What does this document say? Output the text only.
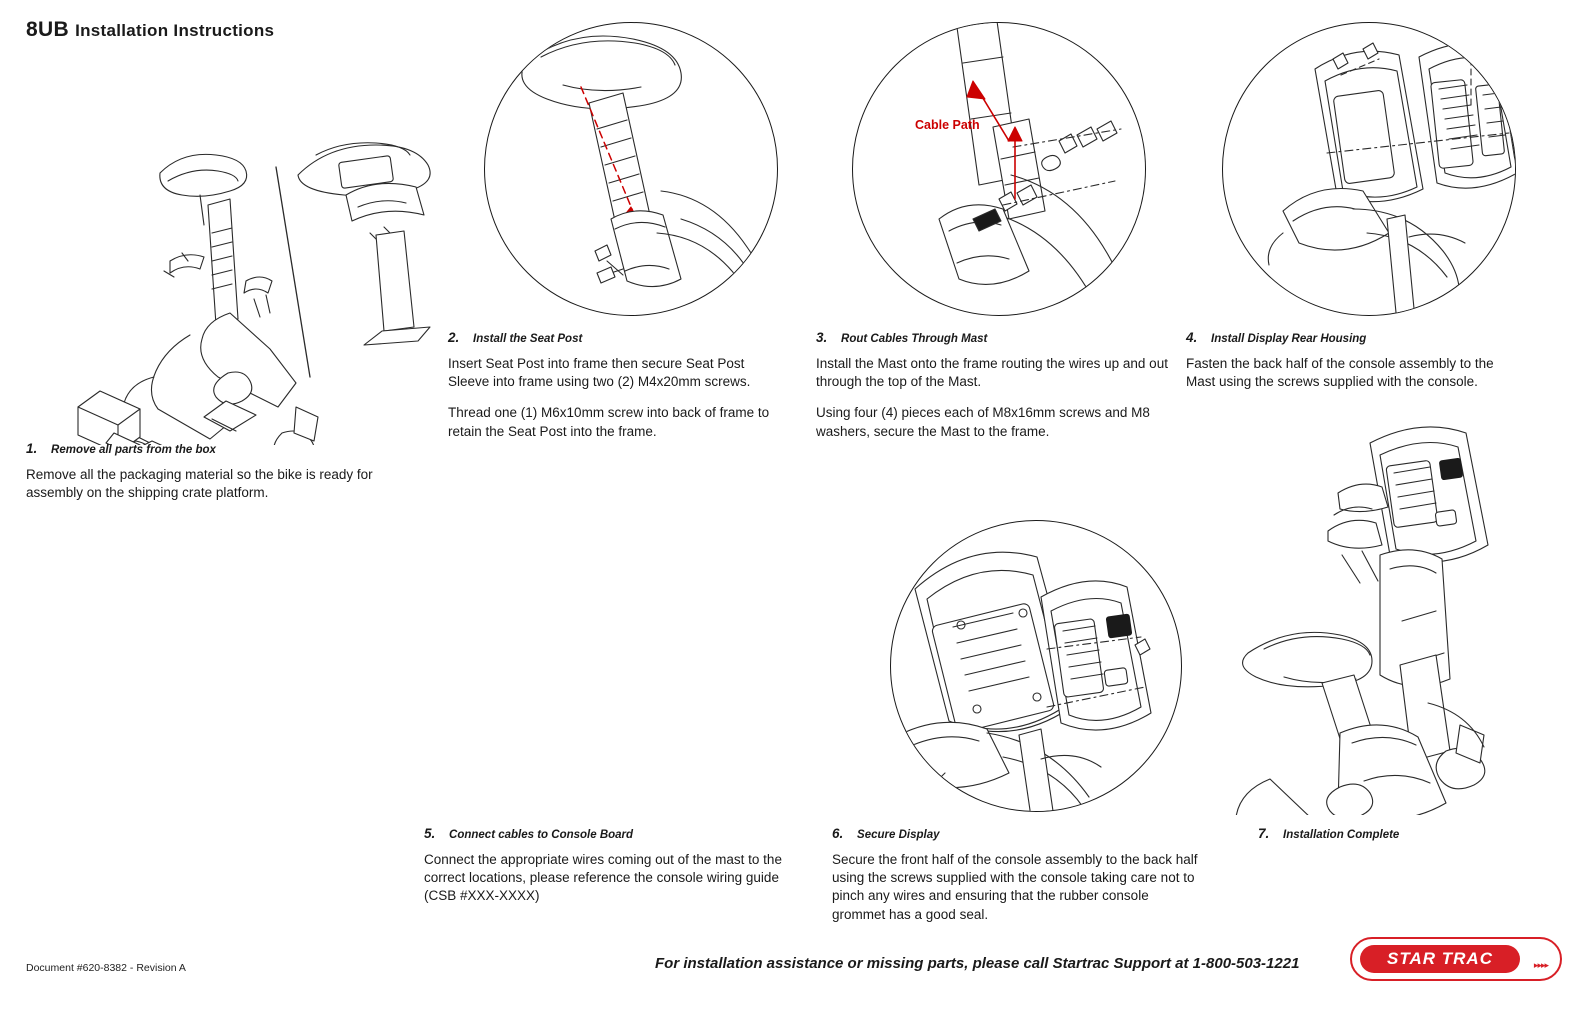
8UB Installation Instructions
1. Remove all parts from the box

Remove all the packaging material so the bike is ready for assembly on the shipping crate platform.

2. Install the Seat Post

Insert Seat Post into frame then secure Seat Post Sleeve into frame using two (2) M4x20mm screws.

Thread one (1) M6x10mm screw into back of frame to retain the Seat Post into the frame.

Cable Path
3. Rout Cables Through Mast

Install the Mast onto the frame routing the wires up and out through the top of the Mast.

Using four (4) pieces each of M8x16mm screws and M8 washers, secure the Mast to the frame.

4. Install Display Rear Housing

Fasten the back half of the console assembly to the Mast using the screws supplied with the console.

5. Connect cables to Console Board

Connect the appropriate wires coming out of the mast to the correct locations, please reference the console wiring guide (CSB #XXX-XXXX)

6. Secure Display

Secure the front half of the console assembly to the back half using the screws supplied with the console taking care not to pinch any wires and ensuring that the rubber console grommet has a good seal.

7. Installation Complete
Document #620-8382 - Revision A	For installation assistance or missing parts, please call Startrac Support at 1-800-503-1221	STAR TRAC	▸▸▸▸
